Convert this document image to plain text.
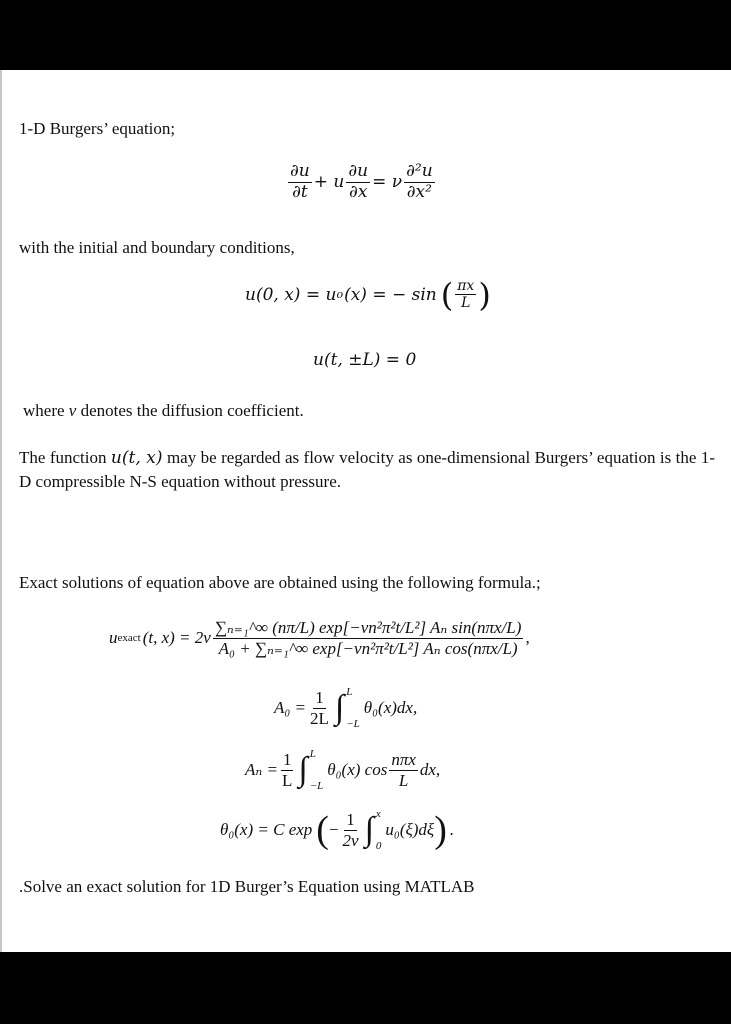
1-D Burgers’ equation;
$\frac{\partial u}{\partial t} + u \frac{\partial u}{\partial x} = \nu \frac{\text{∂²u}}{\text{∂x²}}$
with the initial and boundary conditions,
u(0, x) = u o (x) = − sin ( $\frac{\pi x}{L}$ )
u(t, ±L) = 0
where ν denotes the diffusion coefficient.
The function u(t, x) may be regarded as flow velocity as one-dimensional Burgers’ equation is the 1-D compressible N-S equation without pressure.
Exact solutions of equation above are obtained using the following formula.;
u exact (t, $x) = 2\nu \frac{\text{∑ₙ₌₁\textasciicircum{}∞ (nπ/L) exp[−νn²π²t/L²] Aₙ sin(nπx/L)}}{\text{A₀ + ∑ₙ₌₁\textasciicircum{}∞ exp[−νn²π²t/L²] Aₙ cos(nπx/L)}}$ ,
$A_0 = \frac{1}{2L}$ ∫ L
−L
θ₀(x)dx,
$A_n = \frac{1}{L}$ ∫ L
−L
θ₀(x) $\cos \frac{\text{nπx}}{L}$ dx,
θ₀(x) = C exp ( − $\frac{1}{2\nu}$ ∫ x
0
u₀(ξ)dξ ) .
.Solve an exact solution for 1D Burger’s Equation using MATLAB
